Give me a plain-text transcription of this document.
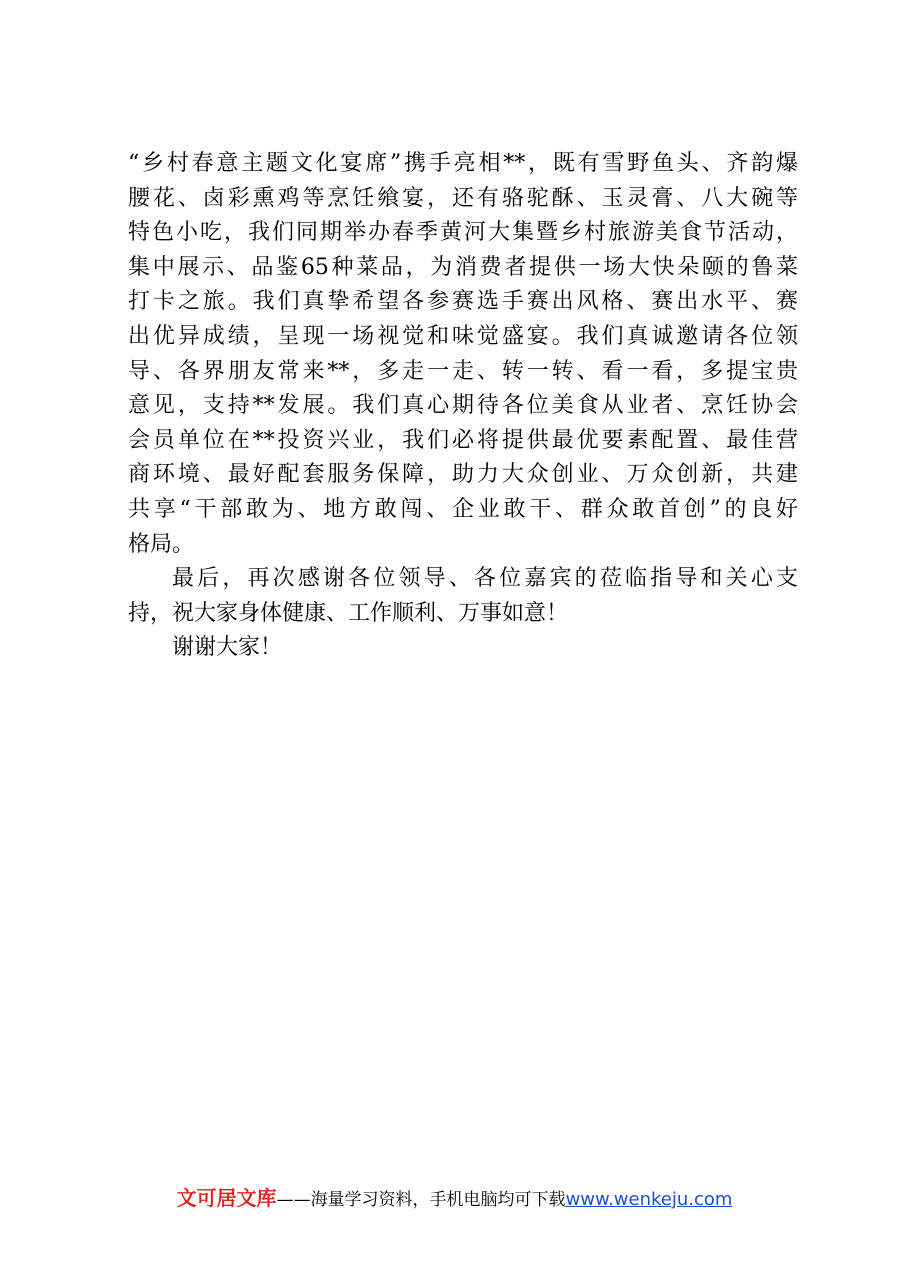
“乡村春意主题文化宴席”携手亮相**，既有雪野鱼头、齐韵爆
腰花、卤彩熏鸡等烹饪飨宴，还有骆驼酥、玉灵膏、八大碗等
特色小吃，我们同期举办春季黄河大集暨乡村旅游美食节活动，
集中展示、品鉴65种菜品，为消费者提供一场大快朵颐的鲁菜
打卡之旅。我们真挚希望各参赛选手赛出风格、赛出水平、赛
出优异成绩，呈现一场视觉和味觉盛宴。我们真诚邀请各位领
导、各界朋友常来**，多走一走、转一转、看一看，多提宝贵
意见，支持**发展。我们真心期待各位美食从业者、烹饪协会
会员单位在**投资兴业，我们必将提供最优要素配置、最佳营
商环境、最好配套服务保障，助力大众创业、万众创新，共建
共享“干部敢为、地方敢闯、企业敢干、群众敢首创”的良好
格局。
最后，再次感谢各位领导、各位嘉宾的莅临指导和关心支
持，祝大家身体健康、工作顺利、万事如意！
谢谢大家！
文可居文库——海量学习资料，手机电脑均可下载www.wenkeju.com
